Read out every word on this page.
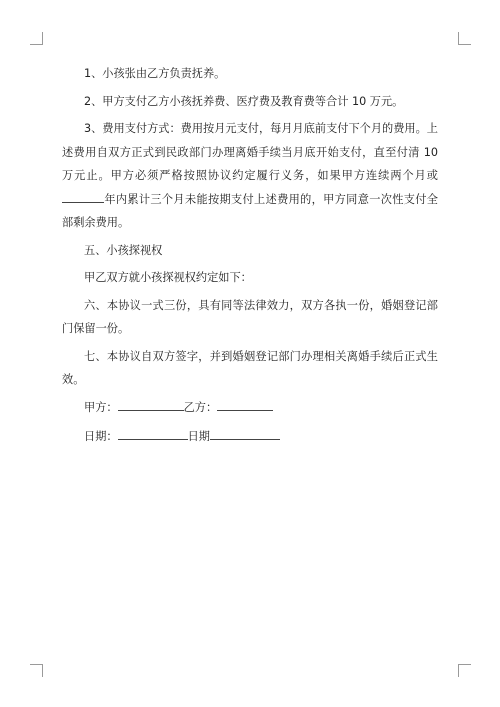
1、小孩张由乙方负责抚养。

2、甲方支付乙方小孩抚养费、医疗费及教育费等合计 10 万元。

3、费用支付方式：费用按月元支付，每月月底前支付下个月的费用。上述费用自双方正式到民政部门办理离婚手续当月底开始支付，直至付清 10 万元止。甲方必须严格按照协议约定履行义务，如果甲方连续两个月或年内累计三个月未能按期支付上述费用的，甲方同意一次性支付全部剩余费用。

五、小孩探视权

甲乙双方就小孩探视权约定如下：

六、本协议一式三份，具有同等法律效力，双方各执一份，婚姻登记部门保留一份。

七、本协议自双方签字，并到婚姻登记部门办理相关离婚手续后正式生效。

甲方：	乙方：

日期：	日期
